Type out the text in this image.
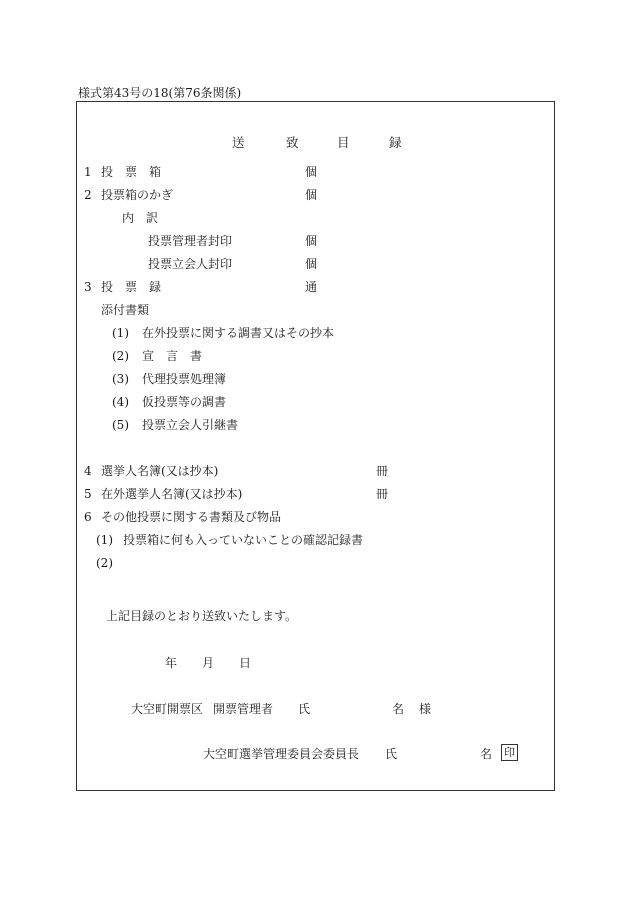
様式第43号の18(第76条関係)
送	致	目	録
1 投　票　箱	個
2 投票箱のかぎ	個
内　訳
投票管理者封印	個
投票立会人封印	個
3 投　票　録	通
添付書類
(1) 在外投票に関する調書又はその抄本
(2) 宣　言　書
(3) 代理投票処理簿
(4) 仮投票等の調書
(5) 投票立会人引継書
4 選挙人名簿(又は抄本)	冊
5 在外選挙人名簿(又は抄本)	冊
6 その他投票に関する書類及び物品
(1) 投票箱に何も入っていないことの確認記録書
(2)
上記目録のとおり送致いたします。
年 月 日
大空町開票区 開票管理者 氏	名 様
大空町選挙管理委員会委員長 氏	名 印
